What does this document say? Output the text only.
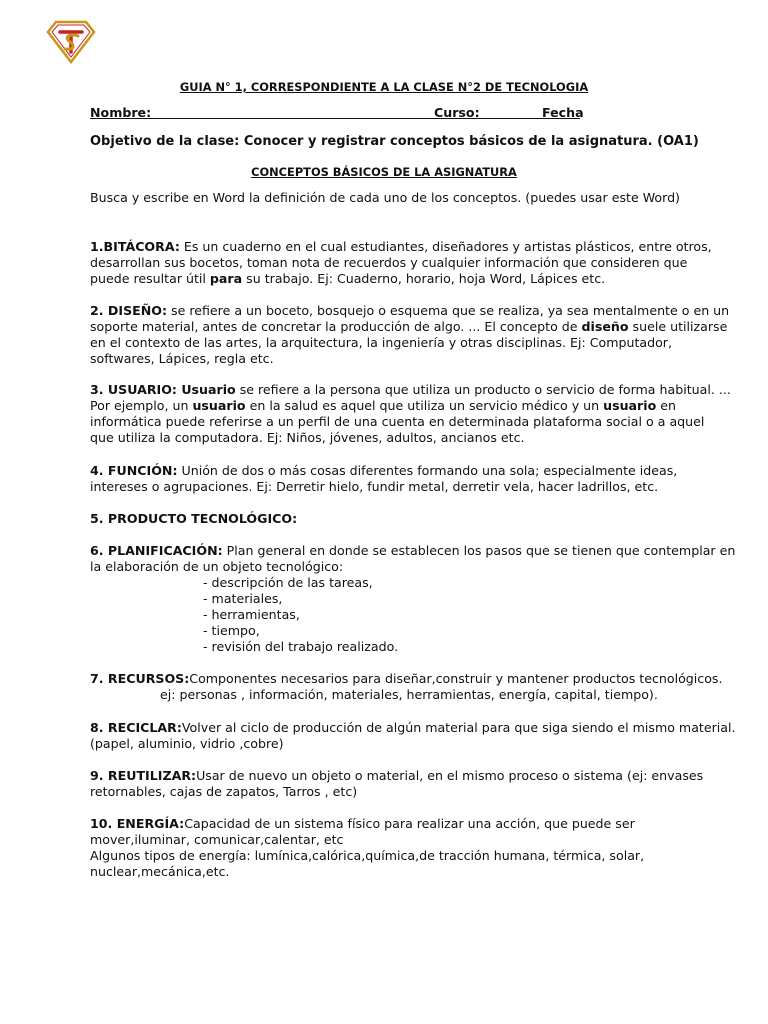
GUIA N° 1, CORRESPONDIENTE A LA CLASE N°2 DE TECNOLOGIA
Nombre:	Curso:	Fecha
Objetivo de la clase: Conocer y registrar conceptos básicos de la asignatura. (OA1)
CONCEPTOS BÁSICOS DE LA ASIGNATURA
Busca y escribe en Word la definición de cada uno de los conceptos. (puedes usar este Word)
1.BITÁCORA: Es un cuaderno en el cual estudiantes, diseñadores y artistas plásticos, entre otros,
desarrollan sus bocetos, toman nota de recuerdos y cualquier información que consideren que
puede resultar útil para su trabajo. Ej: Cuaderno, horario, hoja Word, Lápices etc.
2. DISEÑO: se refiere a un boceto, bosquejo o esquema que se realiza, ya sea mentalmente o en un
soporte material, antes de concretar la producción de algo. ... El concepto de diseño suele utilizarse
en el contexto de las artes, la arquitectura, la ingeniería y otras disciplinas. Ej: Computador,
softwares, Lápices, regla etc.
3. USUARIO: Usuario se refiere a la persona que utiliza un producto o servicio de forma habitual. ...
Por ejemplo, un usuario en la salud es aquel que utiliza un servicio médico y un usuario en
informática puede referirse a un perfil de una cuenta en determinada plataforma social o a aquel
que utiliza la computadora. Ej: Niños, jóvenes, adultos, ancianos etc.
4. FUNCIÓN: Unión de dos o más cosas diferentes formando una sola; especialmente ideas,
intereses o agrupaciones. Ej: Derretir hielo, fundir metal, derretir vela, hacer ladrillos, etc.
5. PRODUCTO TECNOLÓGICO:
6. PLANIFICACIÓN: Plan general en donde se establecen los pasos que se tienen que contemplar en
la elaboración de un objeto tecnológico:
- descripción de las tareas,
- materiales,
- herramientas,
- tiempo,
- revisión del trabajo realizado.
7. RECURSOS:Componentes necesarios para diseñar,construir y mantener productos tecnológicos.
ej: personas , información, materiales, herramientas, energía, capital, tiempo).
8. RECICLAR:Volver al ciclo de producción de algún material para que siga siendo el mismo material.
(papel, aluminio, vidrio ,cobre)
9. REUTILIZAR:Usar de nuevo un objeto o material, en el mismo proceso o sistema (ej: envases
retornables, cajas de zapatos, Tarros , etc)
10. ENERGÍA:Capacidad de un sistema físico para realizar una acción, que puede ser
mover,iluminar, comunicar,calentar, etc
Algunos tipos de energía: lumínica,calórica,química,de tracción humana, térmica, solar,
nuclear,mecánica,etc.
